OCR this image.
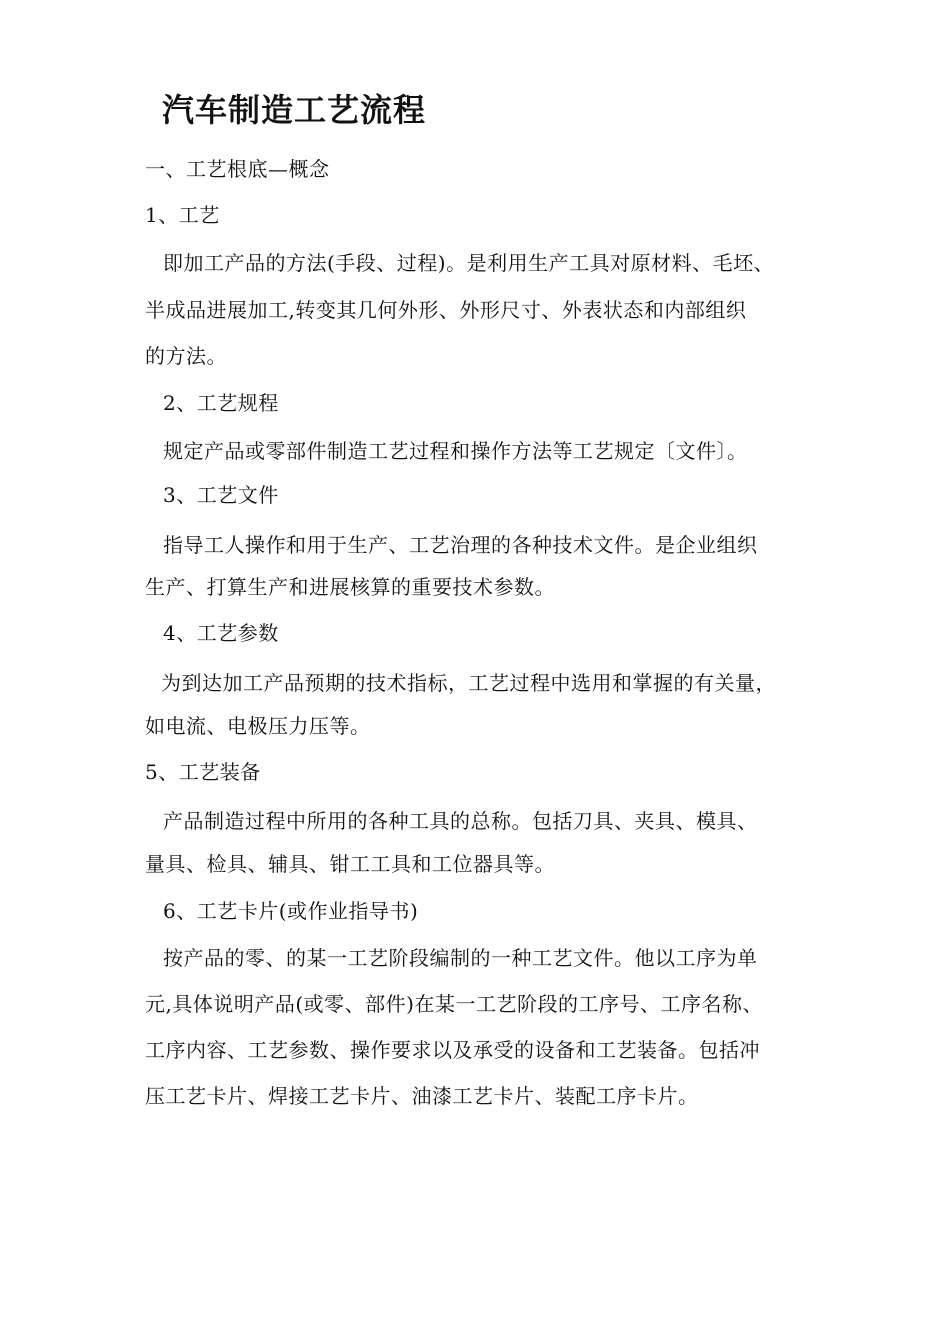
汽车制造工艺流程
一、工艺根底—概念
1、工艺
即加工产品的方法(手段、过程)。是利用生产工具对原材料、毛坯、
半成品进展加工,转变其几何外形、外形尺寸、外表状态和内部组织
的方法。
2、工艺规程
规定产品或零部件制造工艺过程和操作方法等工艺规定〔文件〕。
3、工艺文件
指导工人操作和用于生产、工艺治理的各种技术文件。是企业组织
生产、打算生产和进展核算的重要技术参数。
4、工艺参数
为到达加工产品预期的技术指标，工艺过程中选用和掌握的有关量，
如电流、电极压力压等。
5、工艺装备
产品制造过程中所用的各种工具的总称。包括刀具、夹具、模具、
量具、检具、辅具、钳工工具和工位器具等。
6、工艺卡片(或作业指导书)
按产品的零、的某一工艺阶段编制的一种工艺文件。他以工序为单
元,具体说明产品(或零、部件)在某一工艺阶段的工序号、工序名称、
工序内容、工艺参数、操作要求以及承受的设备和工艺装备。包括冲
压工艺卡片、焊接工艺卡片、油漆工艺卡片、装配工序卡片。
